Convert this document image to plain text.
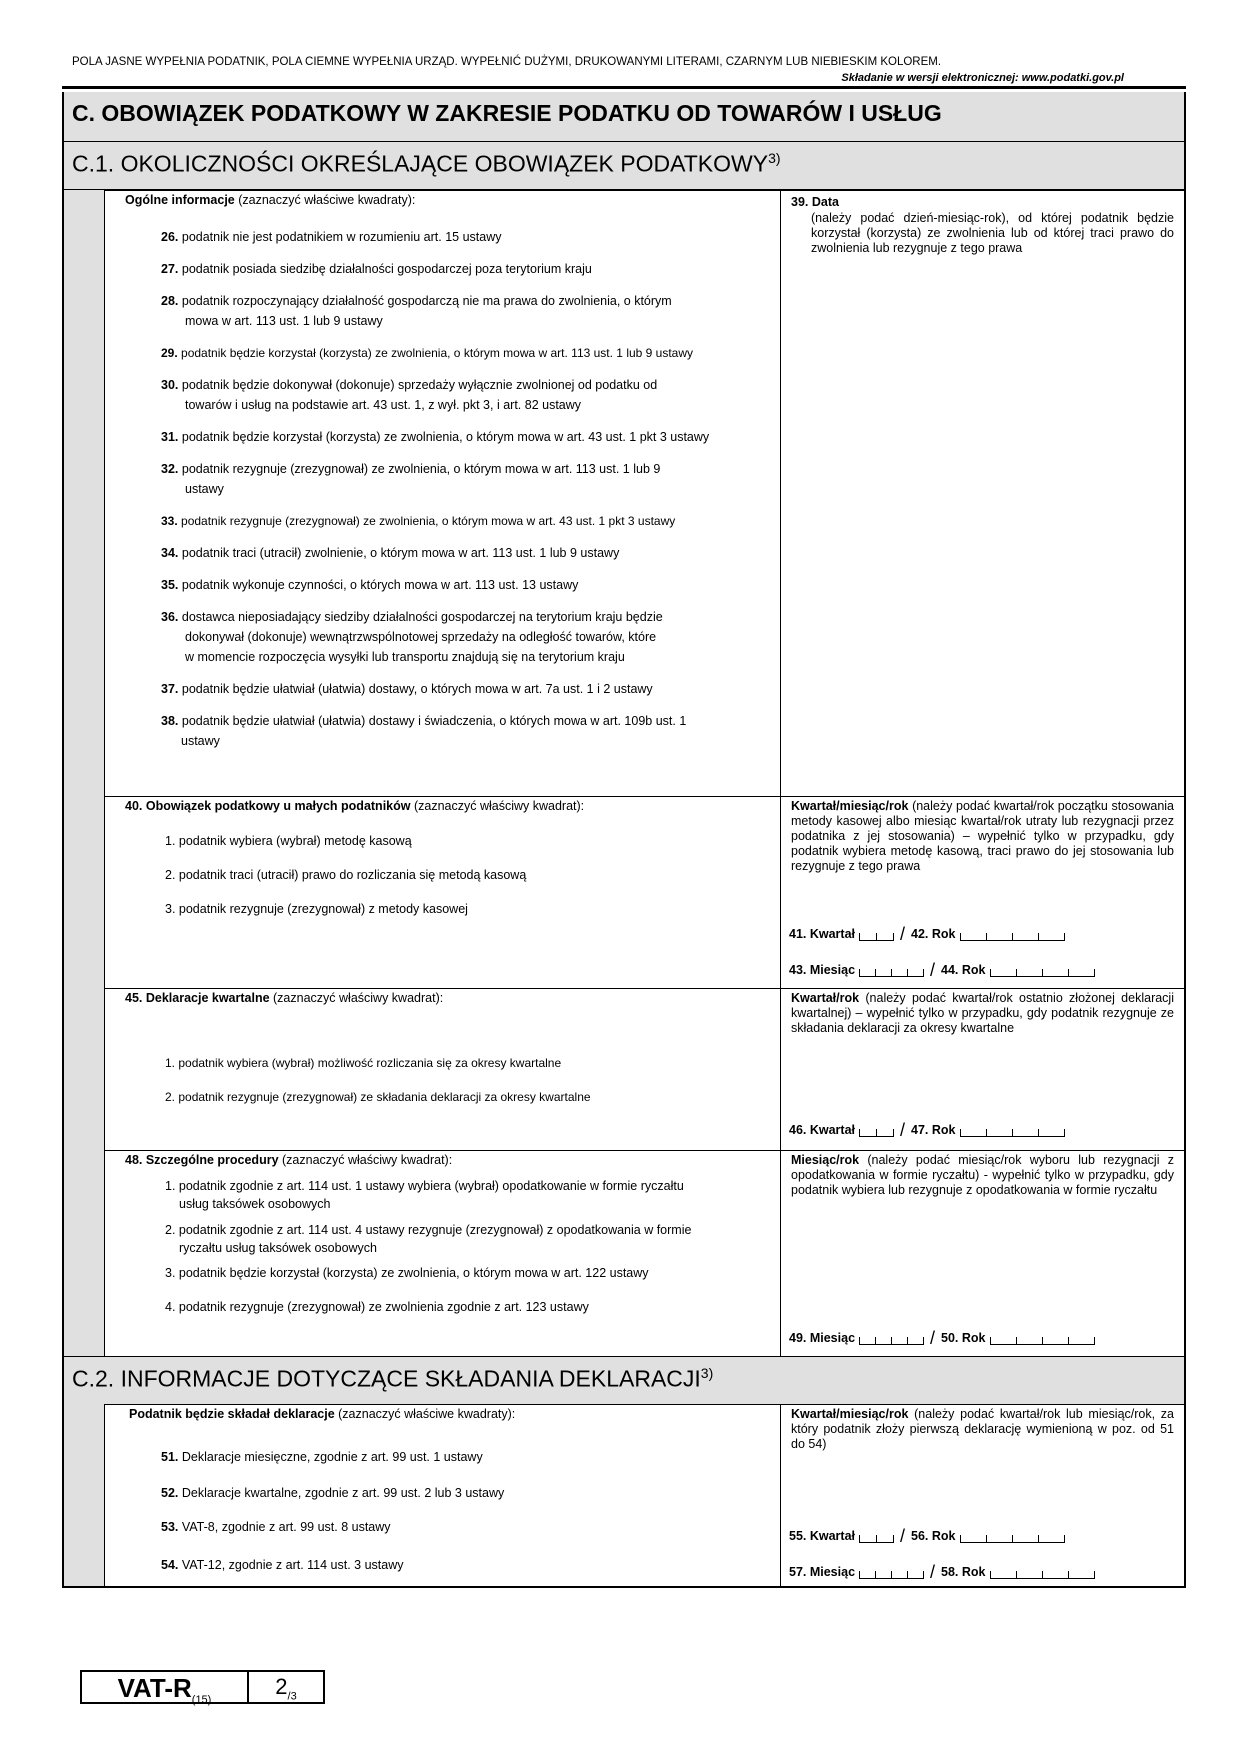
POLA JASNE WYPEŁNIA PODATNIK, POLA CIEMNE WYPEŁNIA URZĄD. WYPEŁNIĆ DUŻYMI, DRUKOWANYMI LITERAMI, CZARNYM LUB NIEBIESKIM KOLOREM.
Składanie w wersji elektronicznej: www.podatki.gov.pl
C. OBOWIĄZEK PODATKOWY W ZAKRESIE PODATKU OD TOWARÓW I USŁUG
C.1. OKOLICZNOŚCI OKREŚLAJĄCE OBOWIĄZEK PODATKOWY$^{3)}$
Ogólne informacje (zaznaczyć właściwe kwadraty):
26. podatnik nie jest podatnikiem w rozumieniu art. 15 ustawy
27. podatnik posiada siedzibę działalności gospodarczej poza terytorium kraju
28. podatnik rozpoczynający działalność gospodarczą nie ma prawa do zwolnienia, o którym
mowa w art. 113 ust. 1 lub 9 ustawy
29. podatnik będzie korzystał (korzysta) ze zwolnienia, o którym mowa w art. 113 ust. 1 lub 9 ustawy
30. podatnik będzie dokonywał (dokonuje) sprzedaży wyłącznie zwolnionej od podatku od
towarów i usług na podstawie art. 43 ust. 1, z wył. pkt 3, i art. 82 ustawy
31. podatnik będzie korzystał (korzysta) ze zwolnienia, o którym mowa w art. 43 ust. 1 pkt 3 ustawy
32. podatnik rezygnuje (zrezygnował) ze zwolnienia, o którym mowa w art. 113 ust. 1 lub 9
ustawy
33. podatnik rezygnuje (zrezygnował) ze zwolnienia, o którym mowa w art. 43 ust. 1 pkt 3 ustawy
34. podatnik traci (utracił) zwolnienie, o którym mowa w art. 113 ust. 1 lub 9 ustawy
35. podatnik wykonuje czynności, o których mowa w art. 113 ust. 13 ustawy
36. dostawca nieposiadający siedziby działalności gospodarczej na terytorium kraju będzie
dokonywał (dokonuje) wewnątrzwspólnotowej sprzedaży na odległość towarów, które
w momencie rozpoczęcia wysyłki lub transportu znajdują się na terytorium kraju
37. podatnik będzie ułatwiał (ułatwia) dostawy, o których mowa w art. 7a ust. 1 i 2 ustawy
38. podatnik będzie ułatwiał (ułatwia) dostawy i świadczenia, o których mowa w art. 109b ust. 1
ustawy
39. Data
(należy podać dzień-miesiąc-rok), od której podatnik będzie korzystał (korzysta) ze zwolnienia lub od której traci prawo do zwolnienia lub rezygnuje z tego prawa
40. Obowiązek podatkowy u małych podatników (zaznaczyć właściwy kwadrat):
1. podatnik wybiera (wybrał) metodę kasową
2. podatnik traci (utracił) prawo do rozliczania się metodą kasową
3. podatnik rezygnuje (zrezygnował) z metody kasowej
Kwartał/miesiąc/rok (należy podać kwartał/rok początku stosowania metody kasowej albo miesiąc kwartał/rok utraty lub rezygnacji przez podatnika z jej stosowania) – wypełnić tylko w przypadku, gdy podatnik wybiera metodę kasową, traci prawo do jej stosowania lub rezygnuje z tego prawa
41. Kwartał	/ 42. Rok
43. Miesiąc	/ 44. Rok
45. Deklaracje kwartalne (zaznaczyć właściwy kwadrat):
1. podatnik wybiera (wybrał) możliwość rozliczania się za okresy kwartalne
2. podatnik rezygnuje (zrezygnował) ze składania deklaracji za okresy kwartalne
Kwartał/rok (należy podać kwartał/rok ostatnio złożonej deklaracji kwartalnej) – wypełnić tylko w przypadku, gdy podatnik rezygnuje ze składania deklaracji za okresy kwartalne
46. Kwartał	/ 47. Rok
48. Szczególne procedury (zaznaczyć właściwy kwadrat):
1. podatnik zgodnie z art. 114 ust. 1 ustawy wybiera (wybrał) opodatkowanie w formie ryczałtu
usług taksówek osobowych
2. podatnik zgodnie z art. 114 ust. 4 ustawy rezygnuje (zrezygnował) z opodatkowania w formie
ryczałtu usług taksówek osobowych
3. podatnik będzie korzystał (korzysta) ze zwolnienia, o którym mowa w art. 122 ustawy
4. podatnik rezygnuje (zrezygnował) ze zwolnienia zgodnie z art. 123 ustawy
Miesiąc/rok (należy podać miesiąc/rok wyboru lub rezygnacji z opodatkowania w formie ryczałtu) - wypełnić tylko w przypadku, gdy podatnik wybiera lub rezygnuje z opodatkowania w formie ryczałtu
49. Miesiąc	/ 50. Rok
C.2. INFORMACJE DOTYCZĄCE SKŁADANIA DEKLARACJI$^{3)}$
Podatnik będzie składał deklaracje (zaznaczyć właściwe kwadraty):
51. Deklaracje miesięczne, zgodnie z art. 99 ust. 1 ustawy
52. Deklaracje kwartalne, zgodnie z art. 99 ust. 2 lub 3 ustawy
53. VAT-8, zgodnie z art. 99 ust. 8 ustawy
54. VAT-12, zgodnie z art. 114 ust. 3 ustawy
Kwartał/miesiąc/rok (należy podać kwartał/rok lub miesiąc/rok, za który podatnik złoży pierwszą deklarację wymienioną w poz. od 51 do 54)
55. Kwartał	/ 56. Rok
57. Miesiąc	/ 58. Rok
VAT-$R_{(15)}$
$2_{/3}$
